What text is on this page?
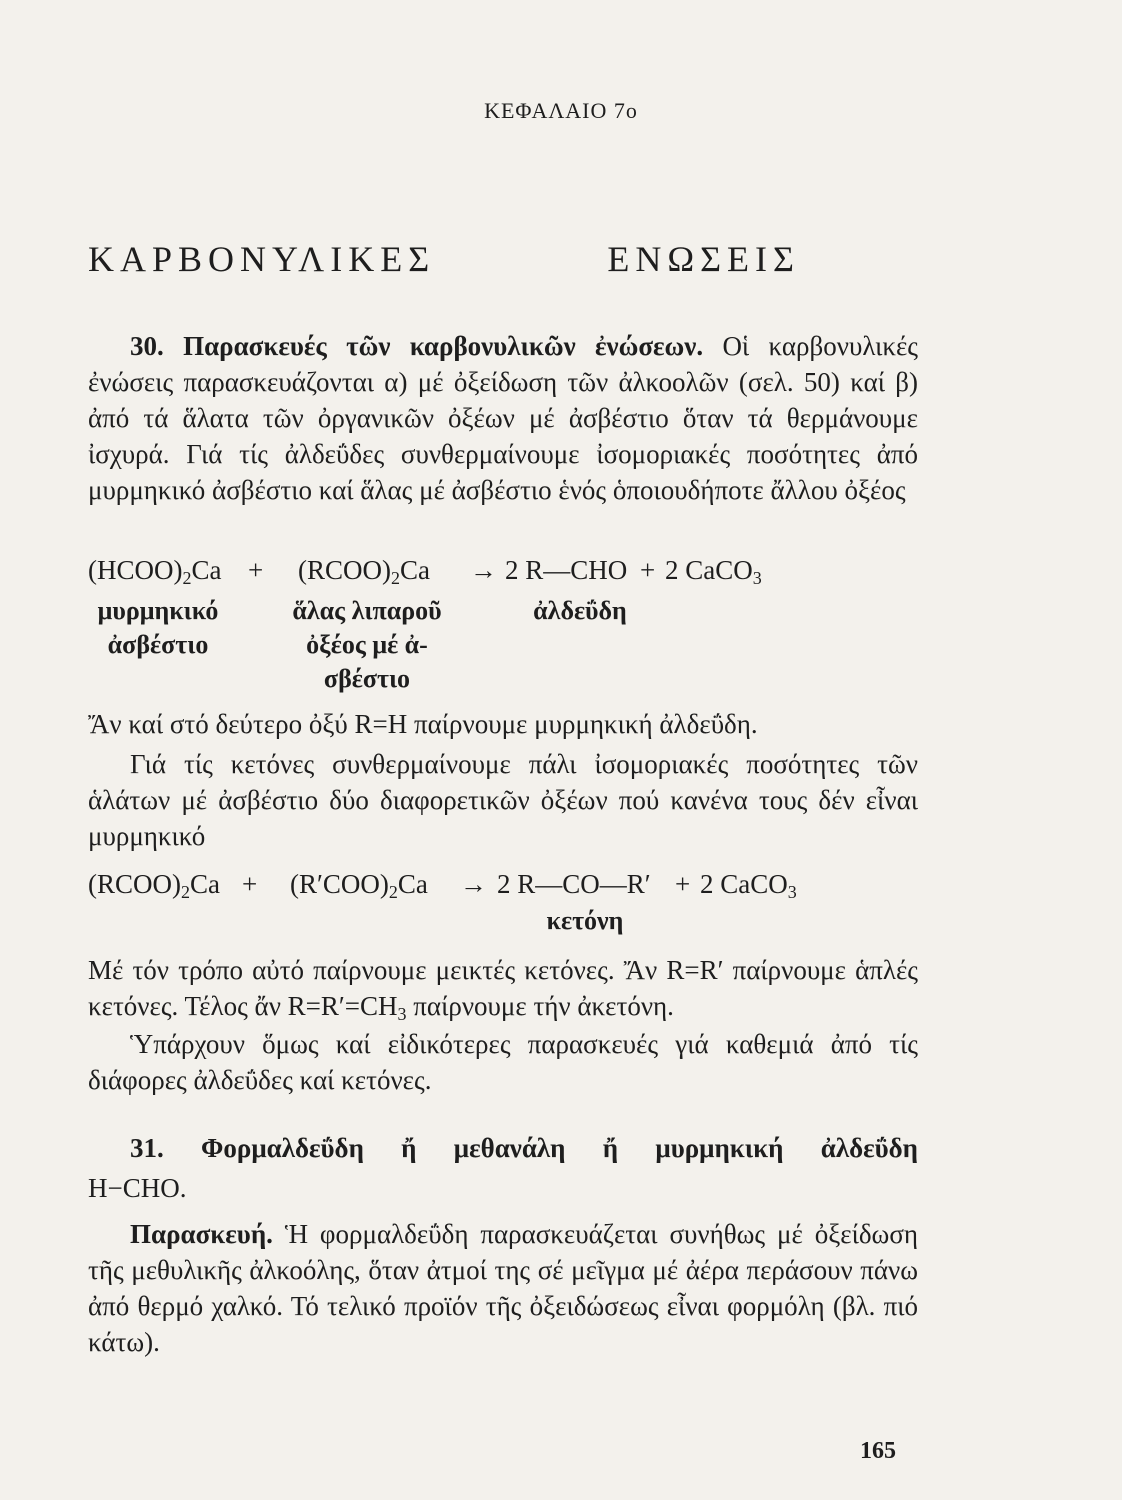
ΚΕΦΑΛΑΙΟ 7ο
ΚΑΡΒΟΝΥΛΙΚΕΣ	ΕΝΩΣΕΙΣ
30. Παρασκευές τῶν καρβονυλικῶν ἐνώσεων. Οἱ καρβονυλικές ἐνώσεις παρασκευάζονται α) μέ ὀξείδωση τῶν ἀλκοολῶν (σελ. 50) καί β) ἀπό τά ἅλατα τῶν ὀργανικῶν ὀξέων μέ ἀσβέστιο ὅταν τά θερμάνουμε ἰσχυρά. Γιά τίς ἀλδεΰδες συνθερμαίνουμε ἰσομοριακές ποσότητες ἀπό μυρμηκικό ἀσβέστιο καί ἅλας μέ ἀσβέστιο ἑνός ὁποιουδήποτε ἄλλου ὀξέος
$(HCOO)_2Ca$ + $(RCOO)_2Ca \to 2$ R—CHO + 2 CaCO$_3$
μυρμηκικό ἀσβέστιο
ἅλας λιπαροῦ ὀξέος μέ ἀ-σβέστιο
ἀλδεΰδη
Ἄν καί στό δεύτερο ὀξύ R=H παίρνουμε μυρμηκική ἀλδεΰδη.
Γιά τίς κετόνες συνθερμαίνουμε πάλι ἰσομοριακές ποσότητες τῶν ἁλάτων μέ ἀσβέστιο δύο διαφορετικῶν ὀξέων πού κανένα τους δέν εἶναι μυρμηκικό
$(RCOO)_2Ca + (R'COO)_2Ca \to 2$ R—CO—R′ + 2 CaCO$_3$
κετόνη
Μέ τόν τρόπο αὐτό παίρνουμε μεικτές κετόνες. Ἄν R=R′ παίρνουμε ἁπλές κετόνες. Τέλος ἄν $R=R'=CH_3$ παίρνουμε τήν ἀκετόνη.
Ὑπάρχουν ὅμως καί εἰδικότερες παρασκευές γιά καθεμιά ἀπό τίς διάφορες ἀλδεΰδες καί κετόνες.
31. Φορμαλδεΰδη ἤ μεθανάλη ἤ μυρμηκική ἀλδεΰδη
H−CHO.
Παρασκευή. Ἡ φορμαλδεΰδη παρασκευάζεται συνήθως μέ ὀξείδωση τῆς μεθυλικῆς ἀλκοόλης, ὅταν ἀτμοί της σέ μεῖγμα μέ ἀέρα περάσουν πάνω ἀπό θερμό χαλκό. Τό τελικό προϊόν τῆς ὀξειδώσεως εἶναι φορμόλη (βλ. πιό κάτω).
165
